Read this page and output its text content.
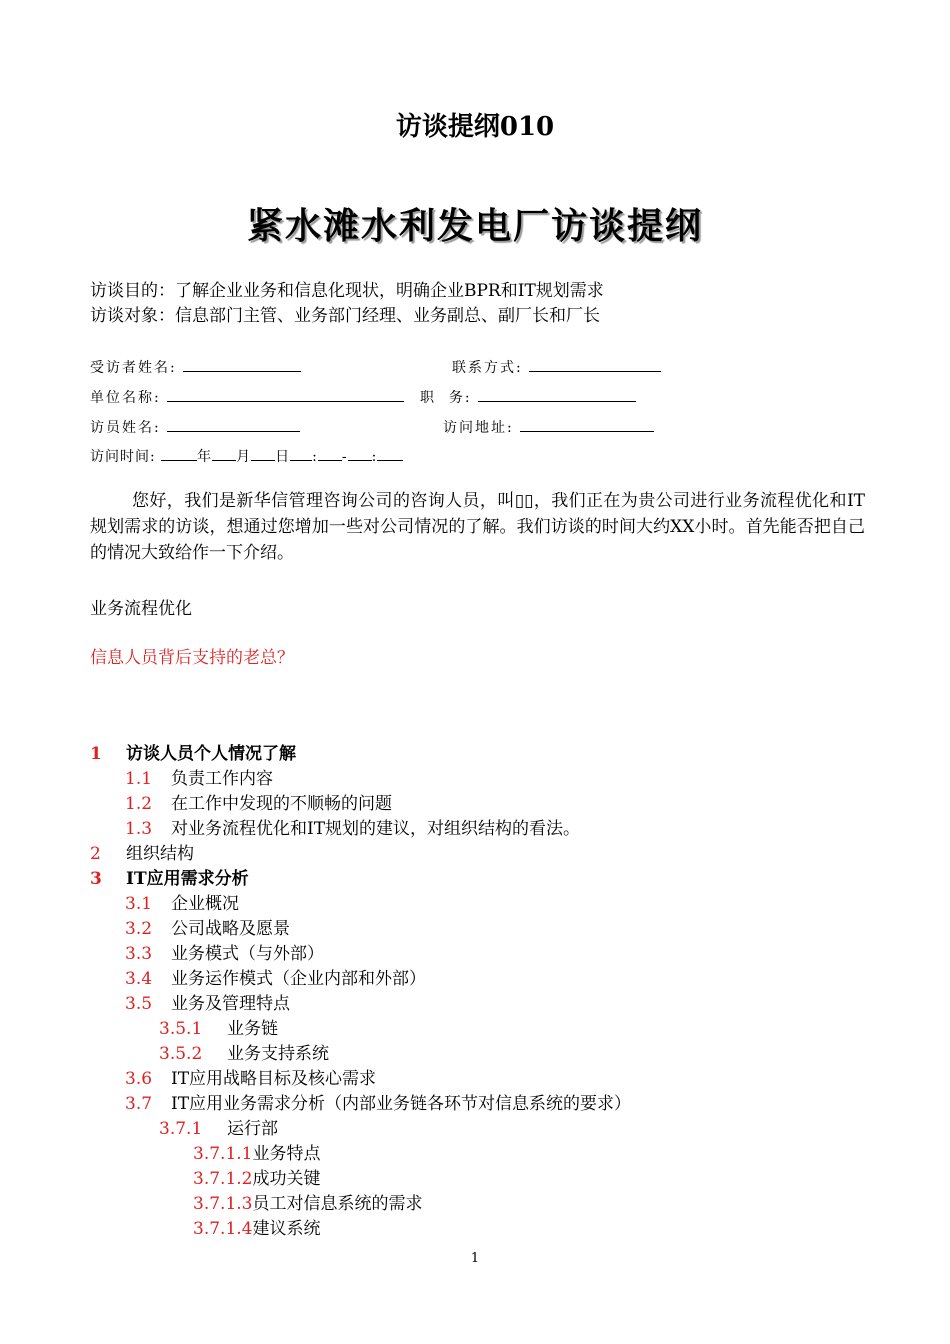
访谈提纲010
紧水滩水利发电厂访谈提纲
访谈目的：了解企业业务和信息化现状，明确企业BPR和IT规划需求
访谈对象：信息部门主管、业务部门经理、业务副总、副厂长和厂长
受访者姓名:	联系方式:
单位名称:	职  务:
访员姓名:	访问地址:
访问时间:	年 月 日 : - :
您好，我们是新华信管理咨询公司的咨询人员，叫▯▯，我们正在为贵公司进行业务流程优化和IT规划需求的访谈，想通过您增加一些对公司情况的了解。我们访谈的时间大约XX小时。首先能否把自己的情况大致给作一下介绍。
业务流程优化
信息人员背后支持的老总？
1 访谈人员个人情况了解
1.1 负责工作内容
1.2 在工作中发现的不顺畅的问题
1.3 对业务流程优化和IT规划的建议，对组织结构的看法。
2 组织结构
3 IT应用需求分析
3.1 企业概况
3.2 公司战略及愿景
3.3 业务模式（与外部）
3.4 业务运作模式（企业内部和外部）
3.5 业务及管理特点
3.5.1 业务链
3.5.2 业务支持系统
3.6 IT应用战略目标及核心需求
3.7 IT应用业务需求分析（内部业务链各环节对信息系统的要求）
3.7.1 运行部
3.7.1.1业务特点
3.7.1.2成功关键
3.7.1.3员工对信息系统的需求
3.7.1.4建议系统
1
